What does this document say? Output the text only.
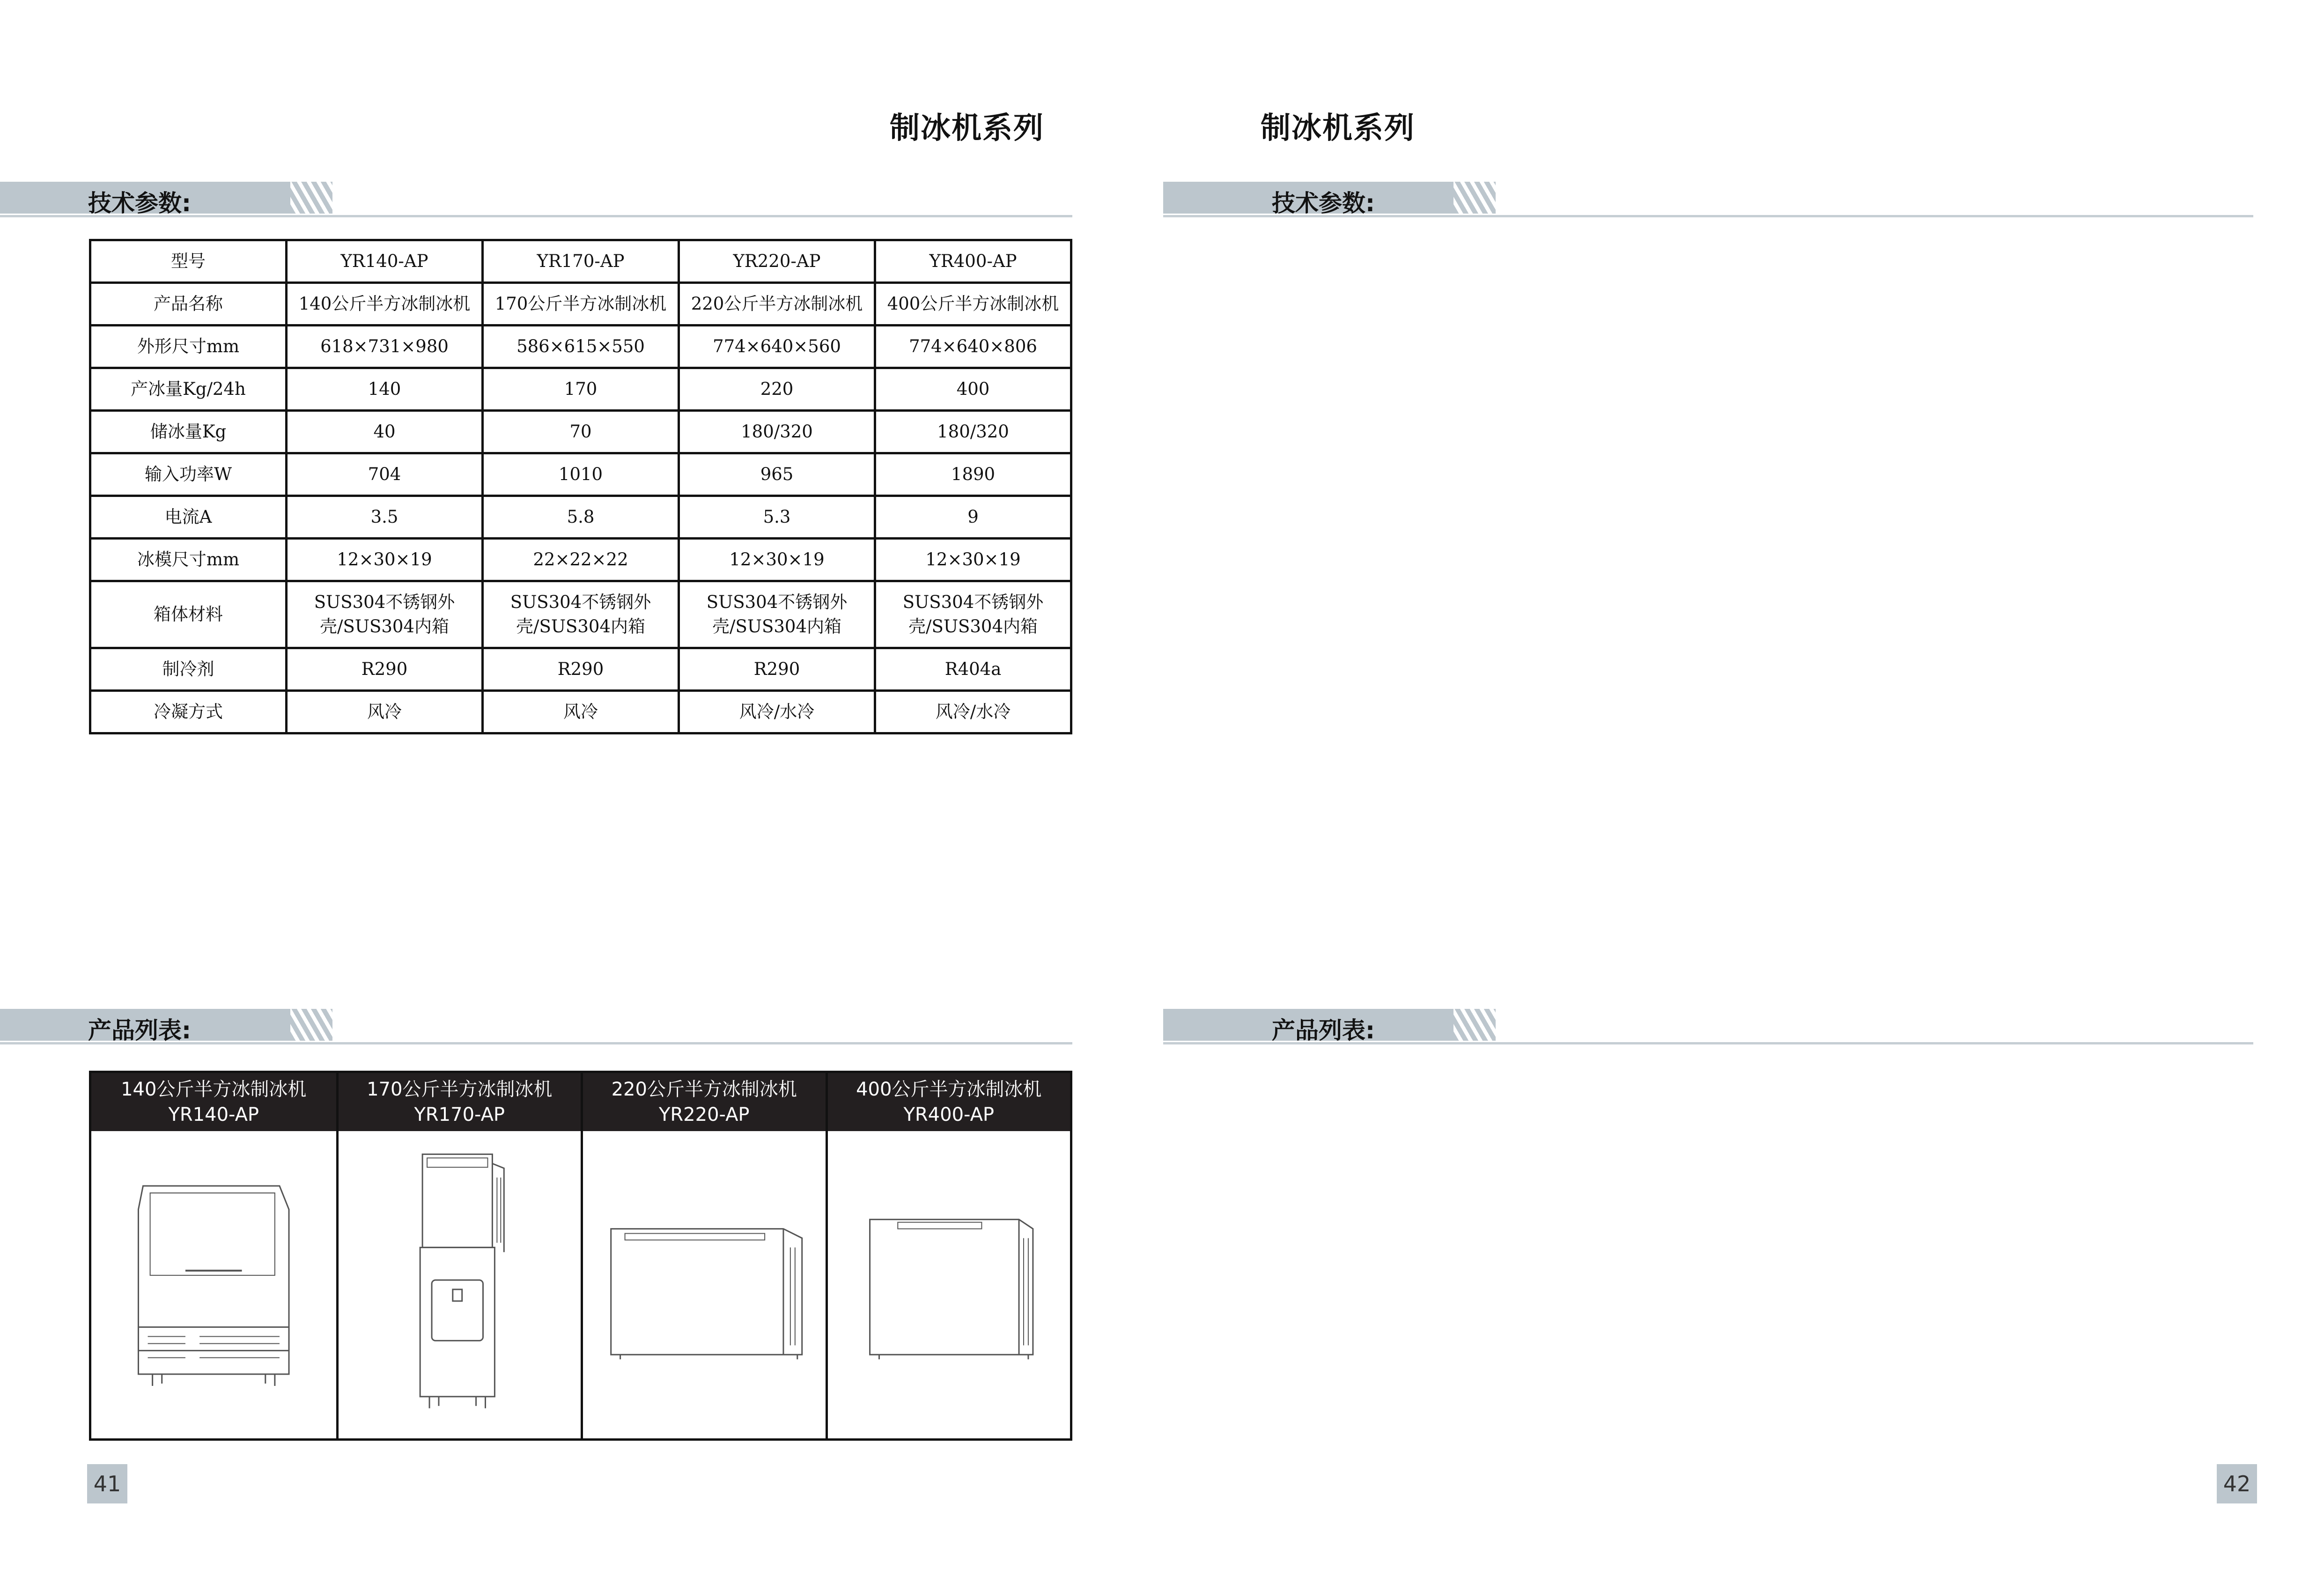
制冰机系列
技术参数:
型号	YR140-AP	YR170-AP	YR220-AP	YR400-AP
产品名称	140公斤半方冰制冰机	170公斤半方冰制冰机	220公斤半方冰制冰机	400公斤半方冰制冰机
外形尺寸mm	618×731×980	586×615×550	774×640×560	774×640×806
产冰量Kg/24h	140	170	220	400
储冰量Kg	40	70	180/320	180/320
输入功率W	704	1010	965	1890
电流A	3.5	5.8	5.3	9
冰模尺寸mm	12×30×19	22×22×22	12×30×19	12×30×19
箱体材料	SUS304不锈钢外壳/SUS304内箱	SUS304不锈钢外壳/SUS304内箱	SUS304不锈钢外壳/SUS304内箱	SUS304不锈钢外壳/SUS304内箱
制冷剂	R290	R290	R290	R404a
冷凝方式	风冷	风冷	风冷/水冷	风冷/水冷
产品列表:
140公斤半方冰制冰机
YR140-AP
170公斤半方冰制冰机
YR170-AP
220公斤半方冰制冰机
YR220-AP
400公斤半方冰制冰机
YR400-AP
41
制冰机系列
技术参数:

产品列表:
42
